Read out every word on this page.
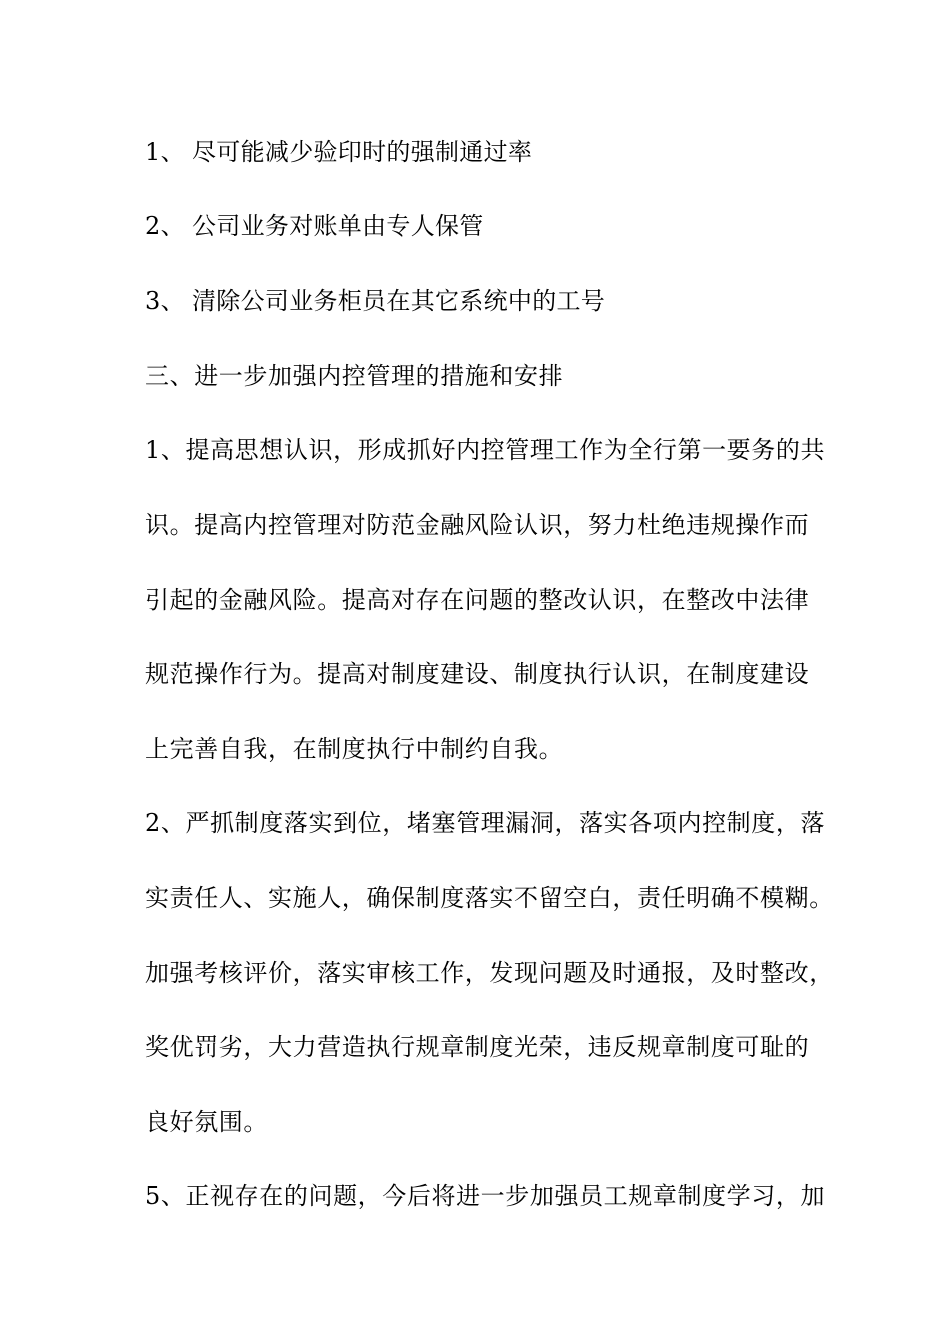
1、 尽可能减少验印时的强制通过率
2、 公司业务对账单由专人保管
3、 清除公司业务柜员在其它系统中的工号
三、进一步加强内控管理的措施和安排
1、提高思想认识，形成抓好内控管理工作为全行第一要务的共
识。提高内控管理对防范金融风险认识，努力杜绝违规操作而
引起的金融风险。提高对存在问题的整改认识，在整改中法律
规范操作行为。提高对制度建设、制度执行认识，在制度建设
上完善自我，在制度执行中制约自我。
2、严抓制度落实到位，堵塞管理漏洞，落实各项内控制度，落
实责任人、实施人，确保制度落实不留空白，责任明确不模糊。
加强考核评价，落实审核工作，发现问题及时通报，及时整改，
奖优罚劣，大力营造执行规章制度光荣，违反规章制度可耻的
良好氛围。
5、正视存在的问题，今后将进一步加强员工规章制度学习，加
